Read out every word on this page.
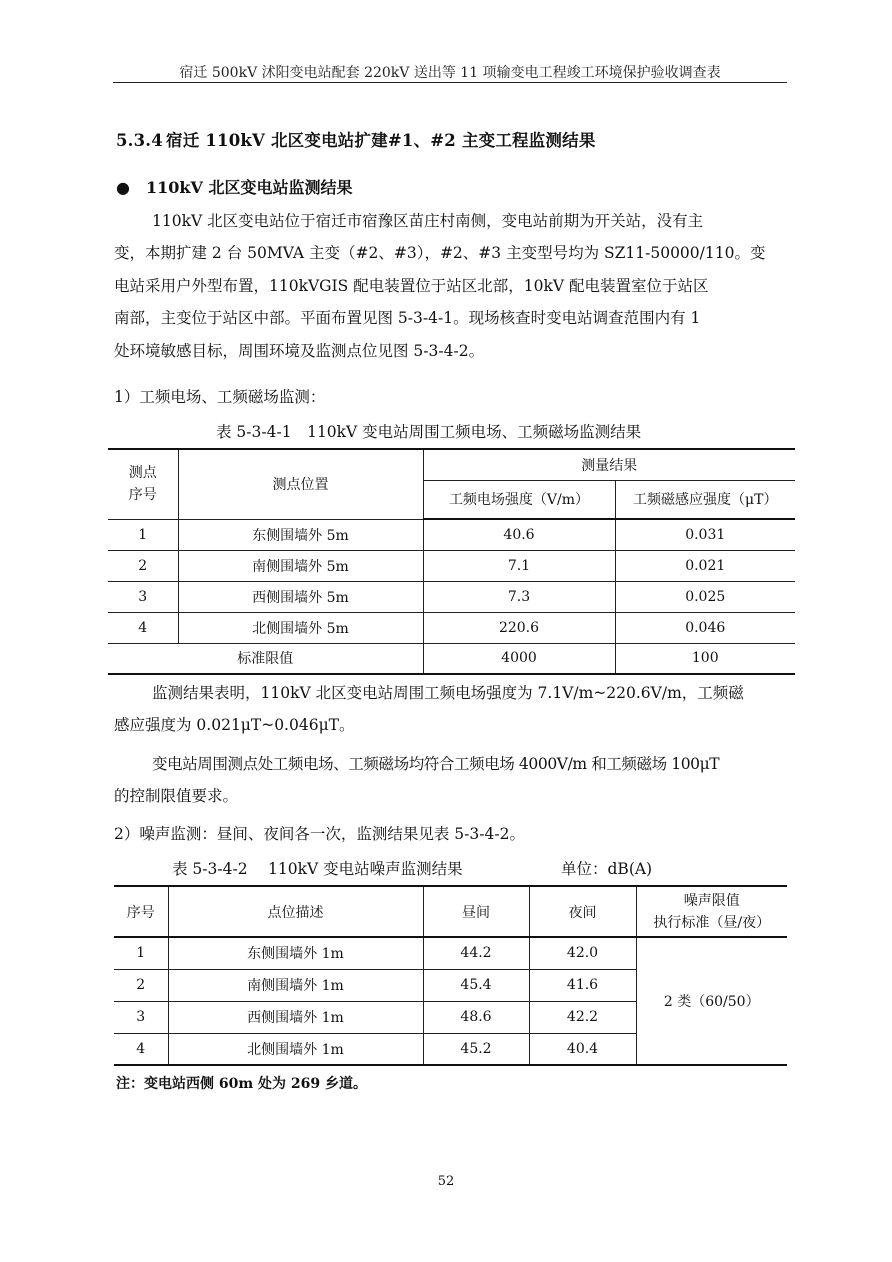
宿迁 500kV 沭阳变电站配套 220kV 送出等 11 项输变电工程竣工环境保护验收调查表
5.3.4 宿迁 110kV 北区变电站扩建#1、#2 主变工程监测结果
● 110kV 北区变电站监测结果
110kV 北区变电站位于宿迁市宿豫区苗庄村南侧，变电站前期为开关站，没有主
变，本期扩建 2 台 50MVA 主变（#2、#3），#2、#3 主变型号均为 SZ11-50000/110。变
电站采用户外型布置，110kVGIS 配电装置位于站区北部，10kV 配电装置室位于站区
南部，主变位于站区中部。平面布置见图 5-3-4-1。现场核查时变电站调查范围内有 1
处环境敏感目标，周围环境及监测点位见图 5-3-4-2。
1）工频电场、工频磁场监测：
表 5-3-4-1　110kV 变电站周围工频电场、工频磁场监测结果
测点
序号	测点位置	测量结果	
		工频电场强度（V/m）	工频磁感应强度（μT）
1	东侧围墙外 5m	40.6	0.031
2	南侧围墙外 5m	7.1	0.021
3	西侧围墙外 5m	7.3	0.025
4	北侧围墙外 5m	220.6	0.046
标准限值		4000	100
监测结果表明，110kV 北区变电站周围工频电场强度为 7.1V/m~220.6V/m，工频磁
感应强度为 0.021μT~0.046μT。
变电站周围测点处工频电场、工频磁场均符合工频电场 4000V/m 和工频磁场 100μT
的控制限值要求。
2）噪声监测：昼间、夜间各一次，监测结果见表 5-3-4-2。
表 5-3-4-2　 110kV 变电站噪声监测结果	单位：dB(A)
序号	点位描述	昼间	夜间	噪声限值
执行标准（昼/夜）
1	东侧围墙外 1m	44.2	42.0	2 类（60/50）
2	南侧围墙外 1m	45.4	41.6	
3	西侧围墙外 1m	48.6	42.2	
4	北侧围墙外 1m	45.2	40.4	
注：变电站西侧 60m 处为 269 乡道。
52
